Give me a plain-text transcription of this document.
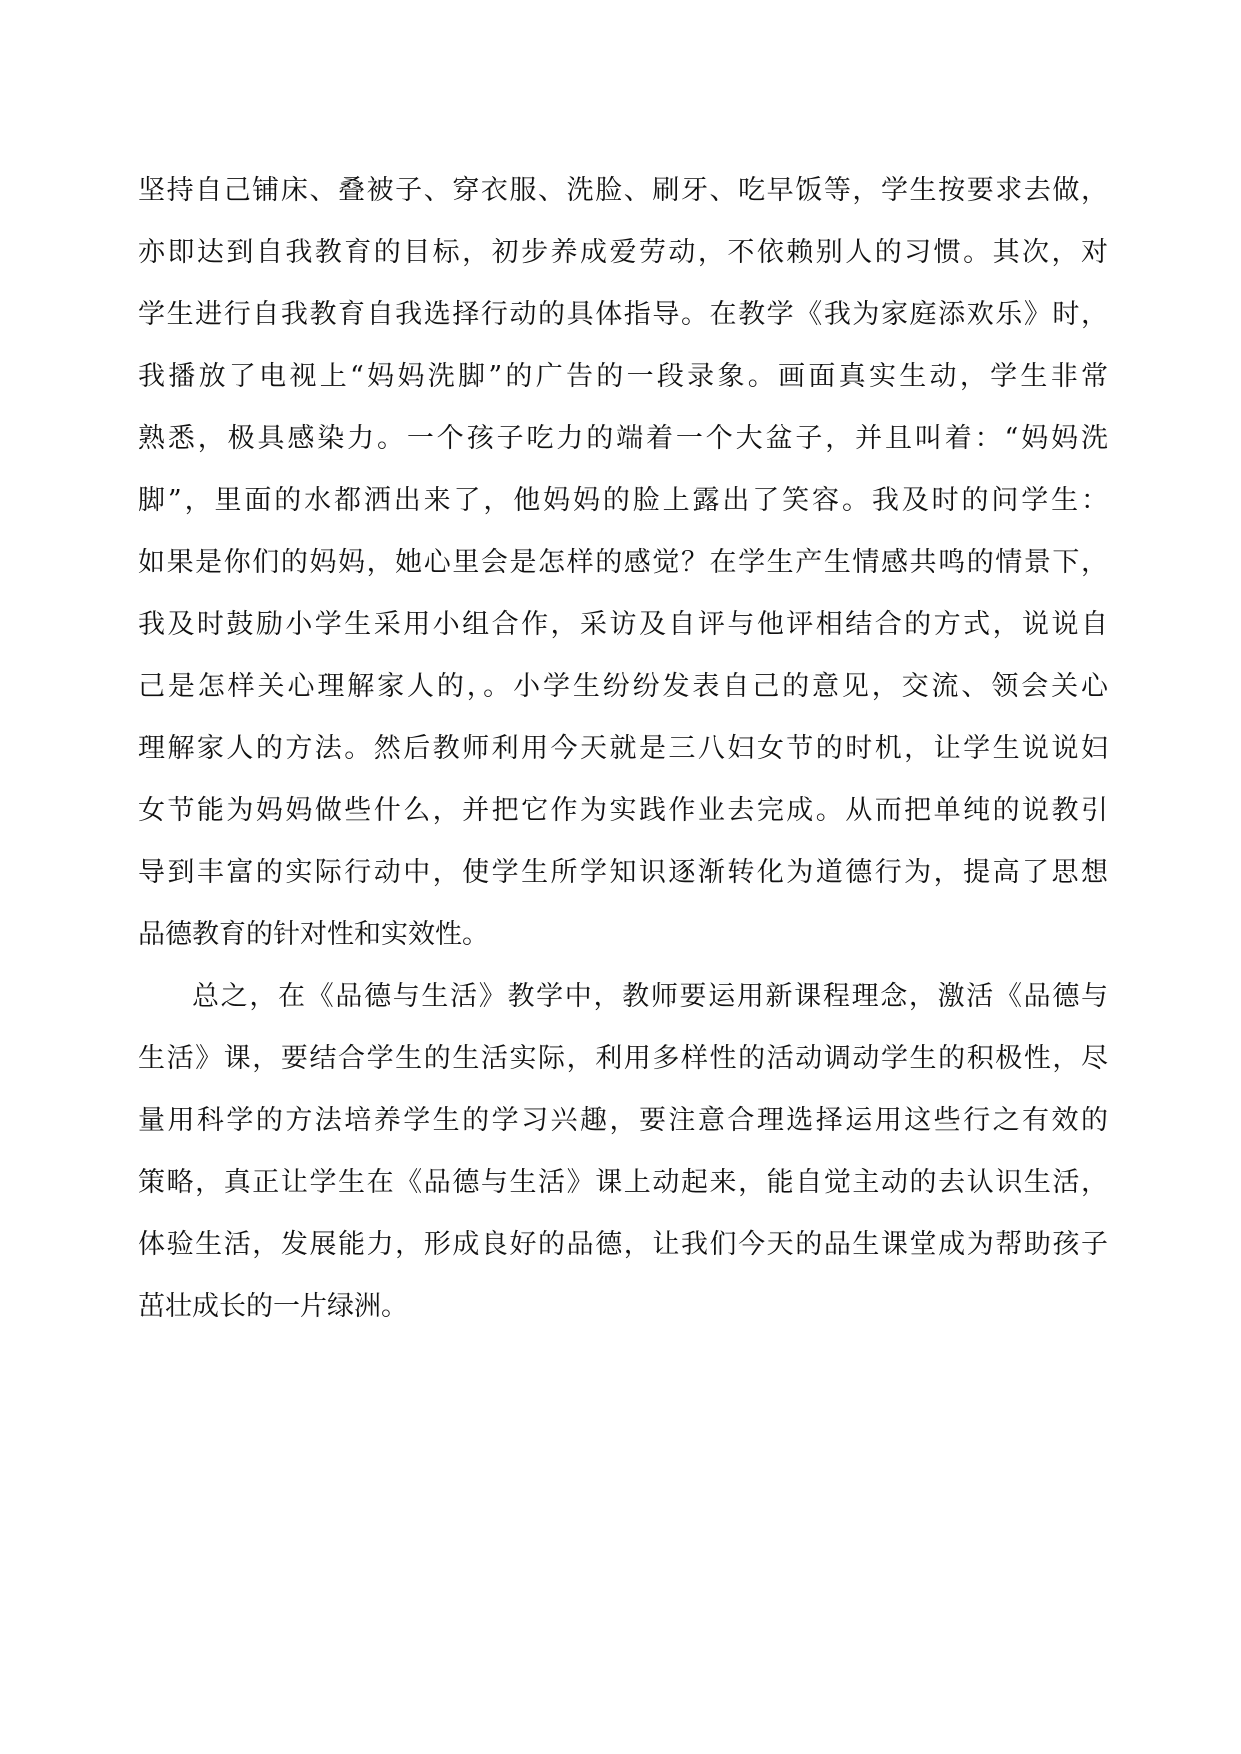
坚持自己铺床、叠被子、穿衣服、洗脸、刷牙、吃早饭等，学生按要求去做，
亦即达到自我教育的目标，初步养成爱劳动，不依赖别人的习惯。其次，对
学生进行自我教育自我选择行动的具体指导。在教学《我为家庭添欢乐》时，
我播放了电视上“妈妈洗脚”的广告的一段录象。画面真实生动，学生非常
熟悉，极具感染力。一个孩子吃力的端着一个大盆子，并且叫着：“妈妈洗
脚”，里面的水都洒出来了，他妈妈的脸上露出了笑容。我及时的问学生：
如果是你们的妈妈，她心里会是怎样的感觉？在学生产生情感共鸣的情景下，
我及时鼓励小学生采用小组合作，采访及自评与他评相结合的方式，说说自
己是怎样关心理解家人的，。小学生纷纷发表自己的意见，交流、领会关心
理解家人的方法。然后教师利用今天就是三八妇女节的时机，让学生说说妇
女节能为妈妈做些什么，并把它作为实践作业去完成。从而把单纯的说教引
导到丰富的实际行动中，使学生所学知识逐渐转化为道德行为，提高了思想
品德教育的针对性和实效性。
总之，在《品德与生活》教学中，教师要运用新课程理念，激活《品德与
生活》课，要结合学生的生活实际，利用多样性的活动调动学生的积极性，尽
量用科学的方法培养学生的学习兴趣，要注意合理选择运用这些行之有效的
策略，真正让学生在《品德与生活》课上动起来，能自觉主动的去认识生活，
体验生活，发展能力，形成良好的品德，让我们今天的品生课堂成为帮助孩子
茁壮成长的一片绿洲。
